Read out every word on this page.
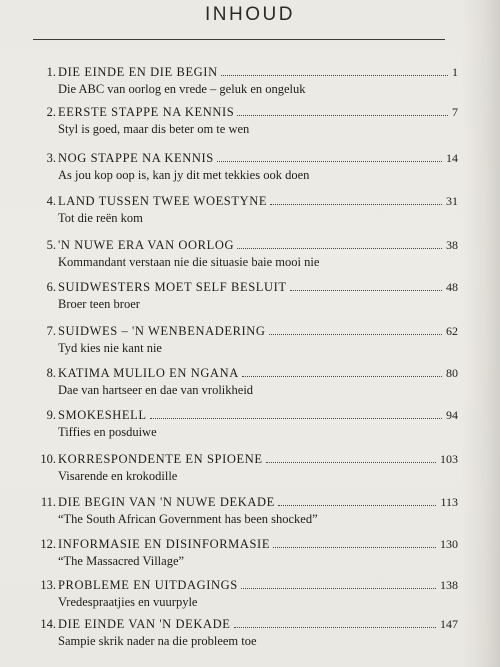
INHOUD
1. DIE EINDE EN DIE BEGIN	1
Die ABC van oorlog en vrede – geluk en ongeluk
2. EERSTE STAPPE NA KENNIS	7
Styl is goed, maar dis beter om te wen
3. NOG STAPPE NA KENNIS	14
As jou kop oop is, kan jy dit met tekkies ook doen
4. LAND TUSSEN TWEE WOESTYNE	31
Tot die reën kom
5. 'N NUWE ERA VAN OORLOG	38
Kommandant verstaan nie die situasie baie mooi nie
6. SUIDWESTERS MOET SELF BESLUIT	48
Broer teen broer
7. SUIDWES – 'N WENBENADERING	62
Tyd kies nie kant nie
8. KATIMA MULILO EN NGANA	80
Dae van hartseer en dae van vrolikheid
9. SMOKESHELL	94
Tiffies en posduiwe
10. KORRESPONDENTE EN SPIOENE	103
Visarende en krokodille
11. DIE BEGIN VAN 'N NUWE DEKADE	113
“The South African Government has been shocked”
12. INFORMASIE EN DISINFORMASIE	130
“The Massacred Village”
13. PROBLEME EN UITDAGINGS	138
Vredespraatjies en vuurpyle
14. DIE EINDE VAN 'N DEKADE	147
Sampie skrik nader na die probleem toe
